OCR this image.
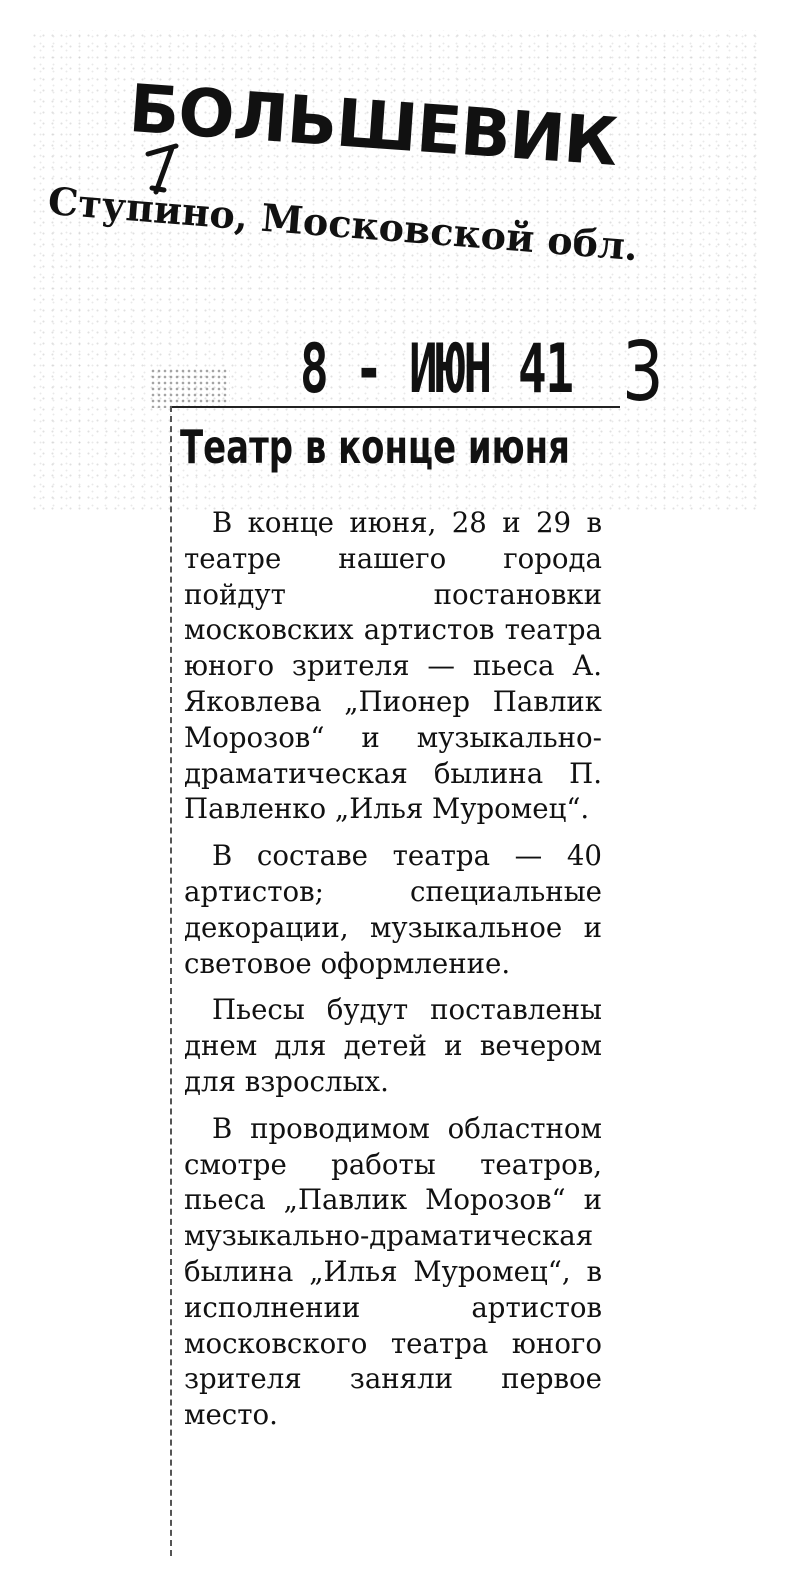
БОЛЬШЕВИК
Ступино, Московской обл.
8 - ИЮН 41 3
Театр в конце июня

В конце июня, 28 и 29 в театре нашего города пойдут постановки московских артистов театра юного зрителя — пьеса А. Яковлева „Пионер Павлик Морозов“ и музыкально-драматическая былина П. Павленко „Илья Муромец“.

В составе театра — 40 артистов; специальные декорации, музыкальное и световое оформление.

Пьесы будут поставлены днем для детей и вечером для взрослых.

В проводимом областном смотре работы театров, пьеса „Павлик Морозов“ и музыкально-драматическая былина „Илья Муромец“, в исполнении артистов московского театра юного зрителя заняли первое место.
